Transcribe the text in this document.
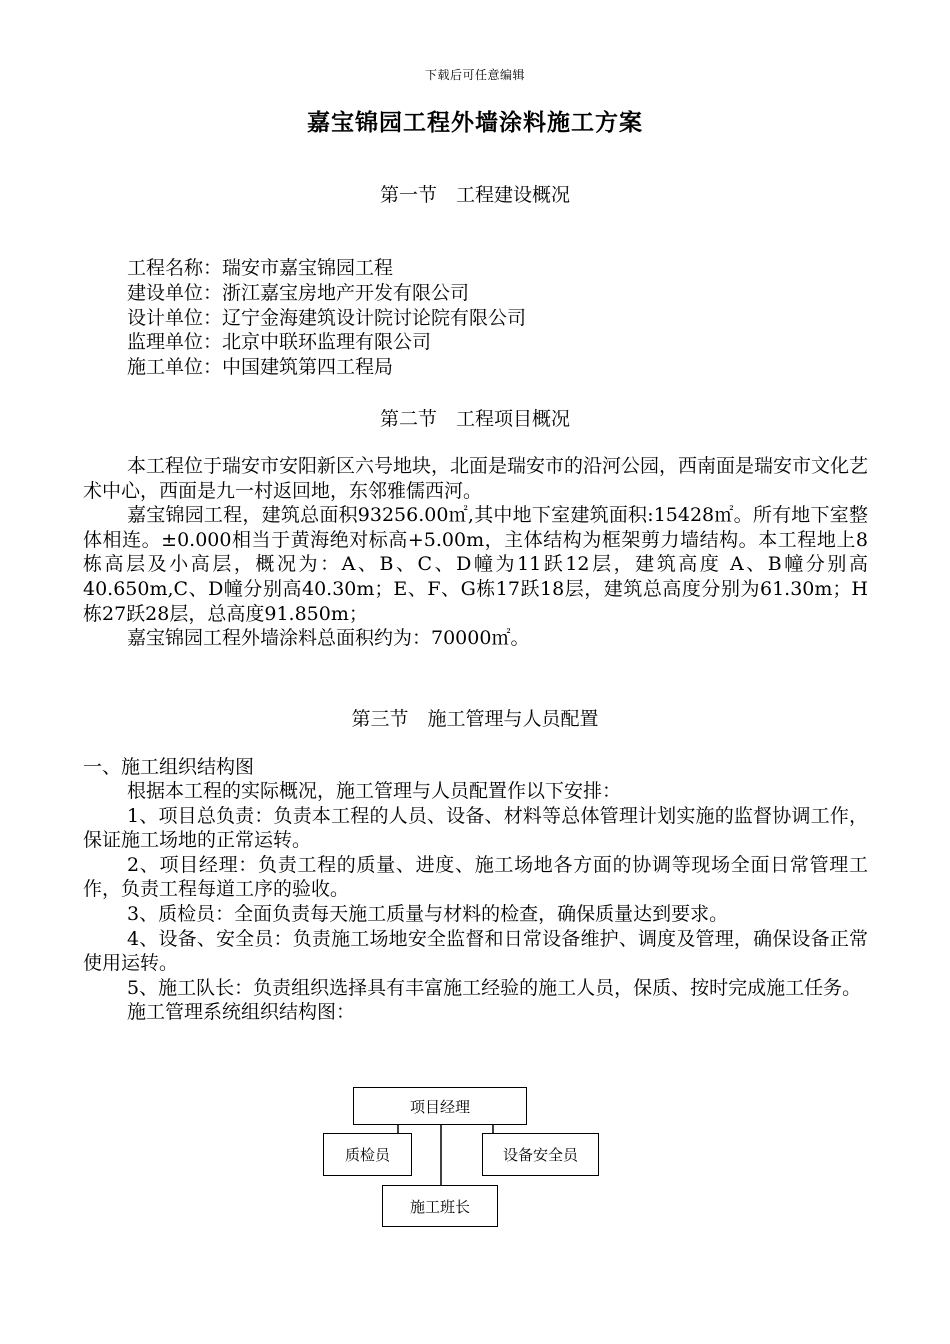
下载后可任意编辑
嘉宝锦园工程外墙涂料施工方案
第一节　工程建设概况
工程名称：瑞安市嘉宝锦园工程
建设单位：浙江嘉宝房地产开发有限公司
设计单位：辽宁金海建筑设计院讨论院有限公司
监理单位：北京中联环监理有限公司
施工单位：中国建筑第四工程局
第二节　工程项目概况

本工程位于瑞安市安阳新区六号地块，北面是瑞安市的沿河公园，西南面是瑞安市文化艺术中心，西面是九一村返回地，东邻雅儒西河。

嘉宝锦园工程，建筑总面积93256.00㎡,其中地下室建筑面积:15428㎡。所有地下室整体相连。±0.000相当于黄海绝对标高+5.00m，主体结构为框架剪力墙结构。本工程地上8栋高层及小高层，概况为：A、B、C、D幢为11跃12层，建筑高度 A、B幢分别高40.650m,C、D幢分别高40.30m；E、F、G栋17跃18层，建筑总高度分别为61.30m；H栋27跃28层，总高度91.850m；

嘉宝锦园工程外墙涂料总面积约为：70000㎡。

第三节　施工管理与人员配置
一、施工组织结构图

根据本工程的实际概况，施工管理与人员配置作以下安排：

1、项目总负责：负责本工程的人员、设备、材料等总体管理计划实施的监督协调工作，保证施工场地的正常运转。

2、项目经理：负责工程的质量、进度、施工场地各方面的协调等现场全面日常管理工作，负责工程每道工序的验收。

3、质检员：全面负责每天施工质量与材料的检查，确保质量达到要求。

4、设备、安全员：负责施工场地安全监督和日常设备维护、调度及管理，确保设备正常使用运转。

5、施工队长：负责组织选择具有丰富施工经验的施工人员，保质、按时完成施工任务。

施工管理系统组织结构图：

项目经理
质检员	设备安全员
施工班长
